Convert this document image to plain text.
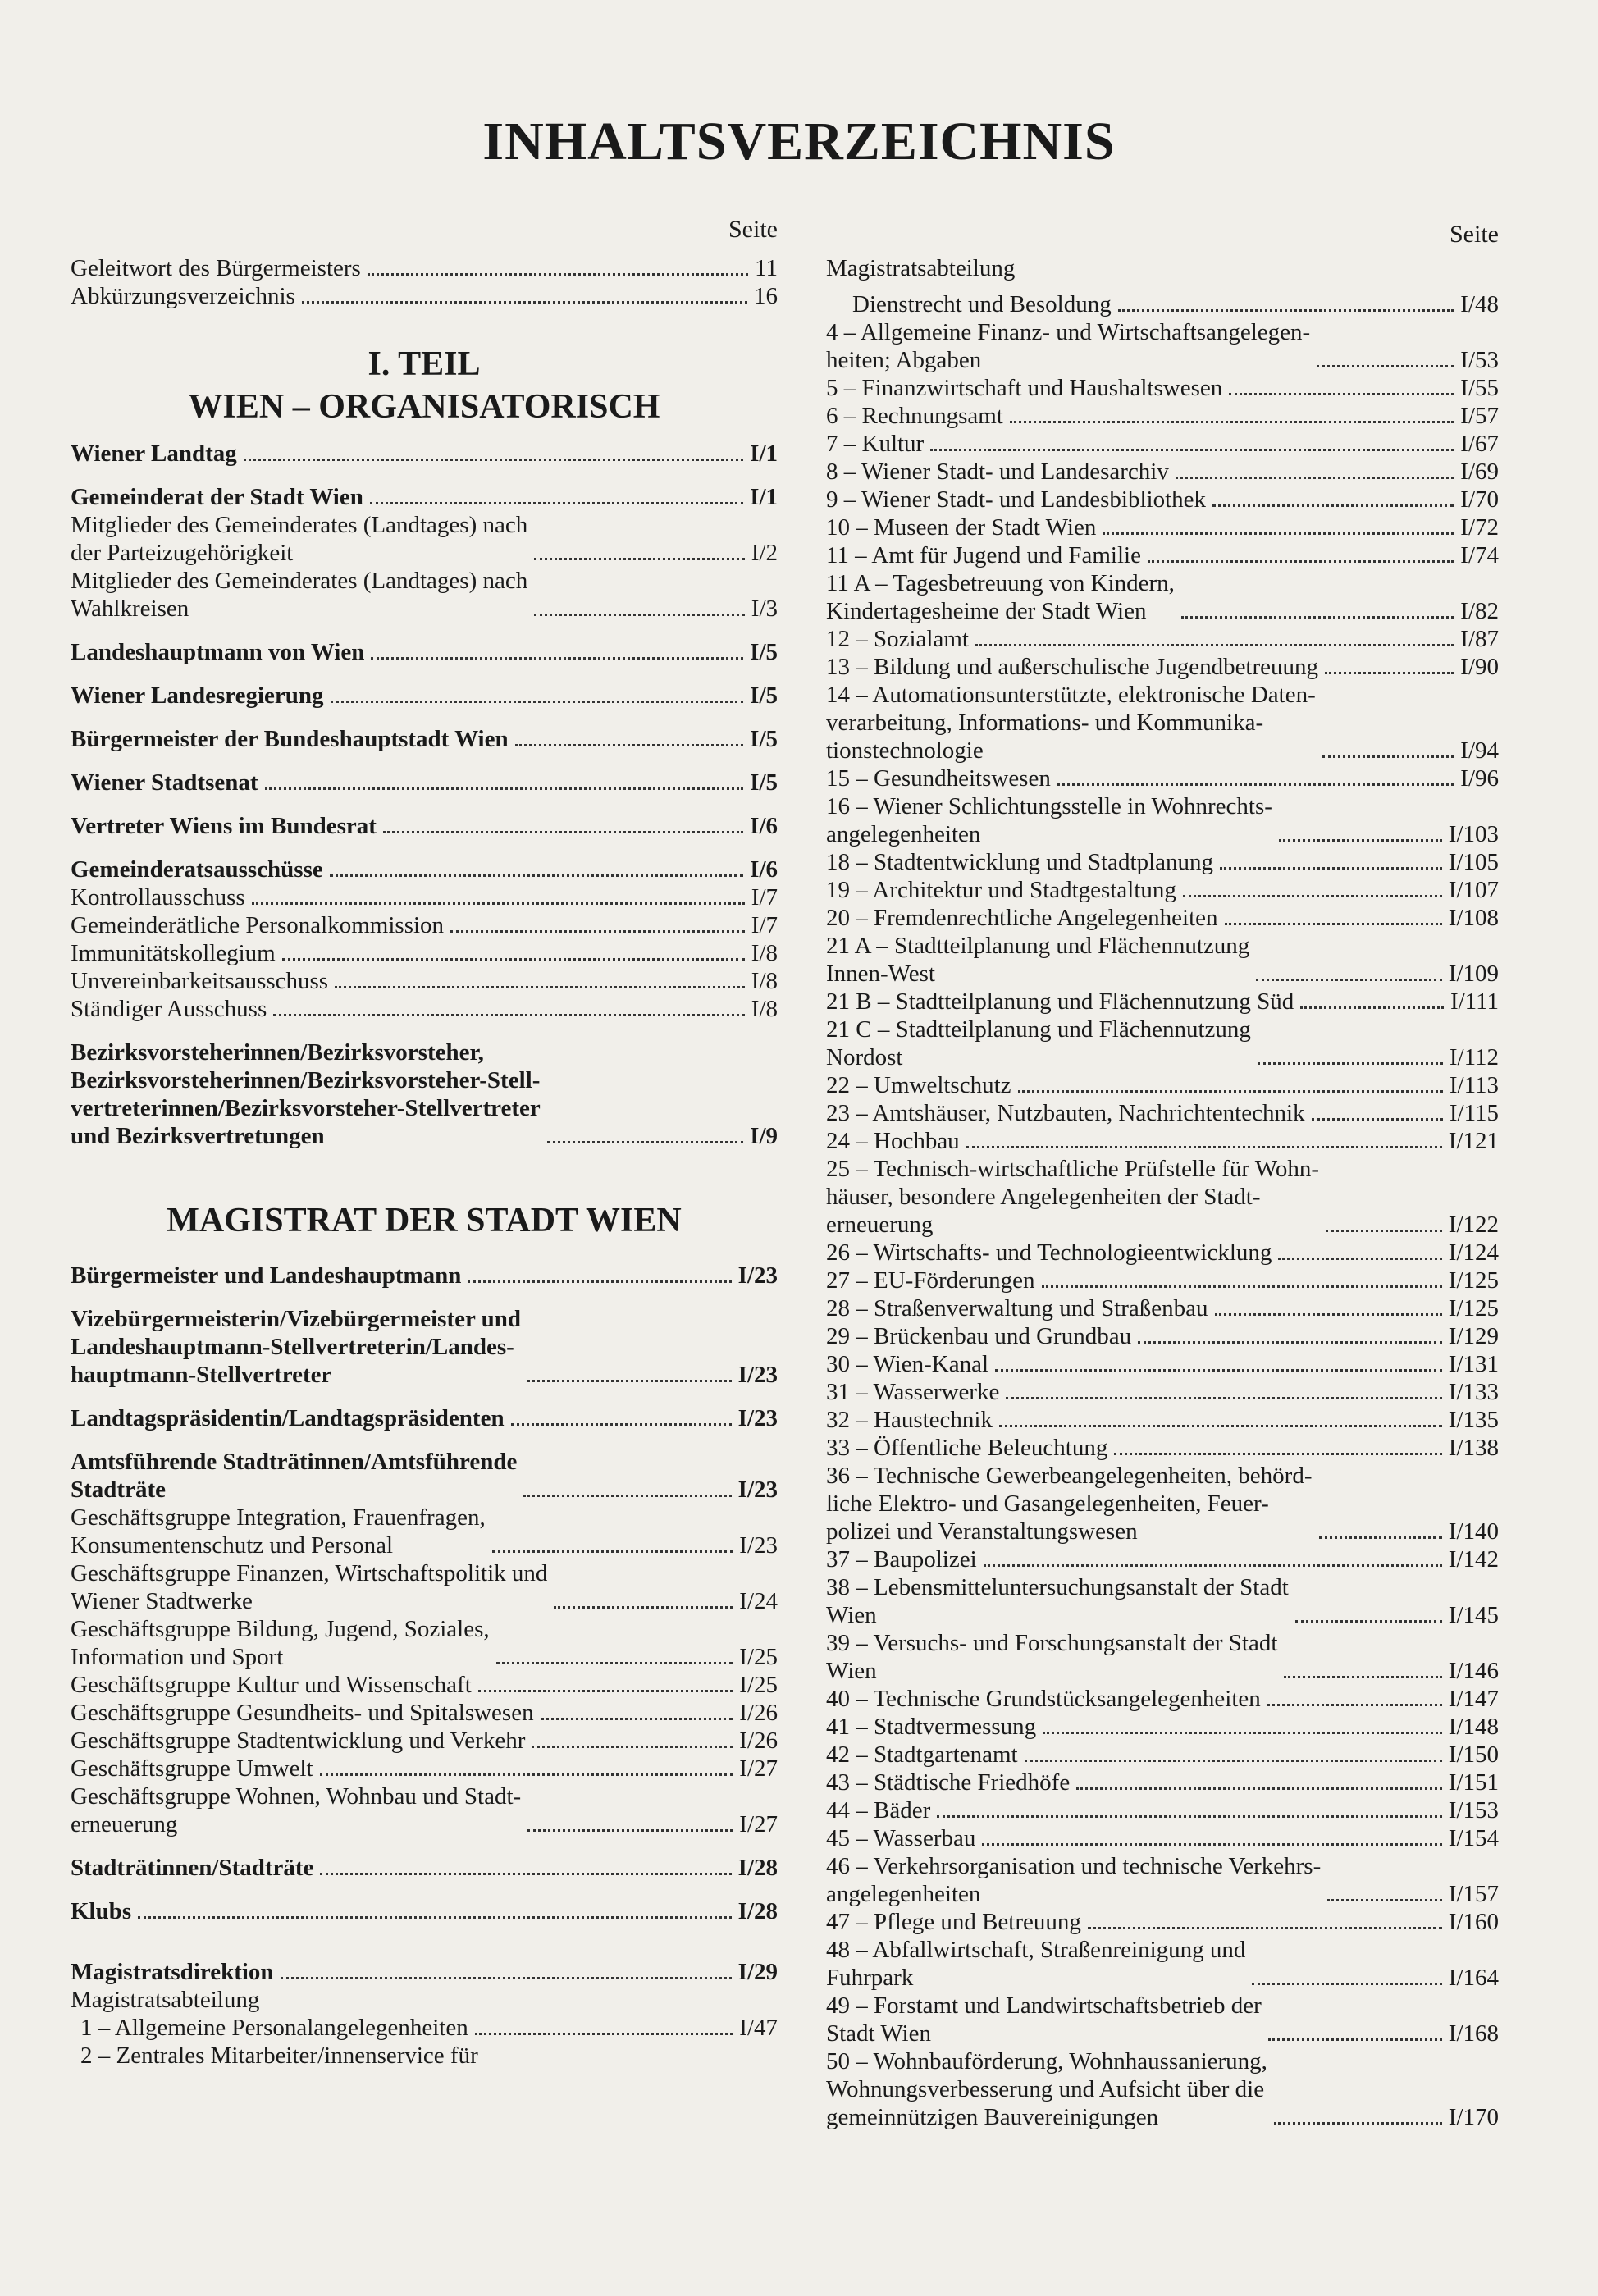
INHALTSVERZEICHNIS
Seite
Geleitwort des Bürgermeisters	11
Abkürzungsverzeichnis	16
I. TEIL
WIEN – ORGANISATORISCH
Wiener Landtag	I/1
Gemeinderat der Stadt Wien	I/1
Mitglieder des Gemeinderates (Landtages) nach
der Parteizugehörigkeit	I/2
Mitglieder des Gemeinderates (Landtages) nach
Wahlkreisen	I/3
Landeshauptmann von Wien	I/5
Wiener Landesregierung	I/5
Bürgermeister der Bundeshauptstadt Wien	I/5
Wiener Stadtsenat	I/5
Vertreter Wiens im Bundesrat	I/6
Gemeinderatsausschüsse	I/6
Kontrollausschuss	I/7
Gemeinderätliche Personalkommission	I/7
Immunitätskollegium	I/8
Unvereinbarkeitsausschuss	I/8
Ständiger Ausschuss	I/8
Bezirksvorsteherinnen/Bezirksvorsteher,
Bezirksvorsteherinnen/Bezirksvorsteher-Stell-
vertreterinnen/Bezirksvorsteher-Stellvertreter
und Bezirksvertretungen	I/9
MAGISTRAT DER STADT WIEN
Bürgermeister und Landeshauptmann	I/23
Vizebürgermeisterin/Vizebürgermeister und
Landeshauptmann-Stellvertreterin/Landes-
hauptmann-Stellvertreter	I/23
Landtagspräsidentin/Landtagspräsidenten	I/23
Amtsführende Stadträtinnen/Amtsführende
Stadträte	I/23
Geschäftsgruppe Integration, Frauenfragen,
Konsumentenschutz und Personal	I/23
Geschäftsgruppe Finanzen, Wirtschaftspolitik und
Wiener Stadtwerke	I/24
Geschäftsgruppe Bildung, Jugend, Soziales,
Information und Sport	I/25
Geschäftsgruppe Kultur und Wissenschaft	I/25
Geschäftsgruppe Gesundheits- und Spitalswesen	I/26
Geschäftsgruppe Stadtentwicklung und Verkehr	I/26
Geschäftsgruppe Umwelt	I/27
Geschäftsgruppe Wohnen, Wohnbau und Stadt-
erneuerung	I/27
Stadträtinnen/Stadträte	I/28
Klubs	I/28
Magistratsdirektion	I/29
Magistratsabteilung
1 – Allgemeine Personalangelegenheiten	I/47
2 – Zentrales Mitarbeiter/innenservice für
Seite
Magistratsabteilung
Dienstrecht und Besoldung	I/48
4 – Allgemeine Finanz- und Wirtschaftsangelegen-
heiten; Abgaben	I/53
5 – Finanzwirtschaft und Haushaltswesen	I/55
6 – Rechnungsamt	I/57
7 – Kultur	I/67
8 – Wiener Stadt- und Landesarchiv	I/69
9 – Wiener Stadt- und Landesbibliothek	I/70
10 – Museen der Stadt Wien	I/72
11 – Amt für Jugend und Familie	I/74
11 A – Tagesbetreuung von Kindern,
Kindertagesheime der Stadt Wien	I/82
12 – Sozialamt	I/87
13 – Bildung und außerschulische Jugendbetreuung	I/90
14 – Automationsunterstützte, elektronische Daten-
verarbeitung, Informations- und Kommunika-
tionstechnologie	I/94
15 – Gesundheitswesen	I/96
16 – Wiener Schlichtungsstelle in Wohnrechts-
angelegenheiten	I/103
18 – Stadtentwicklung und Stadtplanung	I/105
19 – Architektur und Stadtgestaltung	I/107
20 – Fremdenrechtliche Angelegenheiten	I/108
21 A – Stadtteilplanung und Flächennutzung
Innen-West	I/109
21 B – Stadtteilplanung und Flächennutzung Süd	I/111
21 C – Stadtteilplanung und Flächennutzung
Nordost	I/112
22 – Umweltschutz	I/113
23 – Amtshäuser, Nutzbauten, Nachrichtentechnik	I/115
24 – Hochbau	I/121
25 – Technisch-wirtschaftliche Prüfstelle für Wohn-
häuser, besondere Angelegenheiten der Stadt-
erneuerung	I/122
26 – Wirtschafts- und Technologieentwicklung	I/124
27 – EU-Förderungen	I/125
28 – Straßenverwaltung und Straßenbau	I/125
29 – Brückenbau und Grundbau	I/129
30 – Wien-Kanal	I/131
31 – Wasserwerke	I/133
32 – Haustechnik	I/135
33 – Öffentliche Beleuchtung	I/138
36 – Technische Gewerbeangelegenheiten, behörd-
liche Elektro- und Gasangelegenheiten, Feuer-
polizei und Veranstaltungswesen	I/140
37 – Baupolizei	I/142
38 – Lebensmitteluntersuchungsanstalt der Stadt
Wien	I/145
39 – Versuchs- und Forschungsanstalt der Stadt
Wien	I/146
40 – Technische Grundstücksangelegenheiten	I/147
41 – Stadtvermessung	I/148
42 – Stadtgartenamt	I/150
43 – Städtische Friedhöfe	I/151
44 – Bäder	I/153
45 – Wasserbau	I/154
46 – Verkehrsorganisation und technische Verkehrs-
angelegenheiten	I/157
47 – Pflege und Betreuung	I/160
48 – Abfallwirtschaft, Straßenreinigung und
Fuhrpark	I/164
49 – Forstamt und Landwirtschaftsbetrieb der
Stadt Wien	I/168
50 – Wohnbauförderung, Wohnhaussanierung,
Wohnungsverbesserung und Aufsicht über die
gemeinnützigen Bauvereinigungen	I/170
